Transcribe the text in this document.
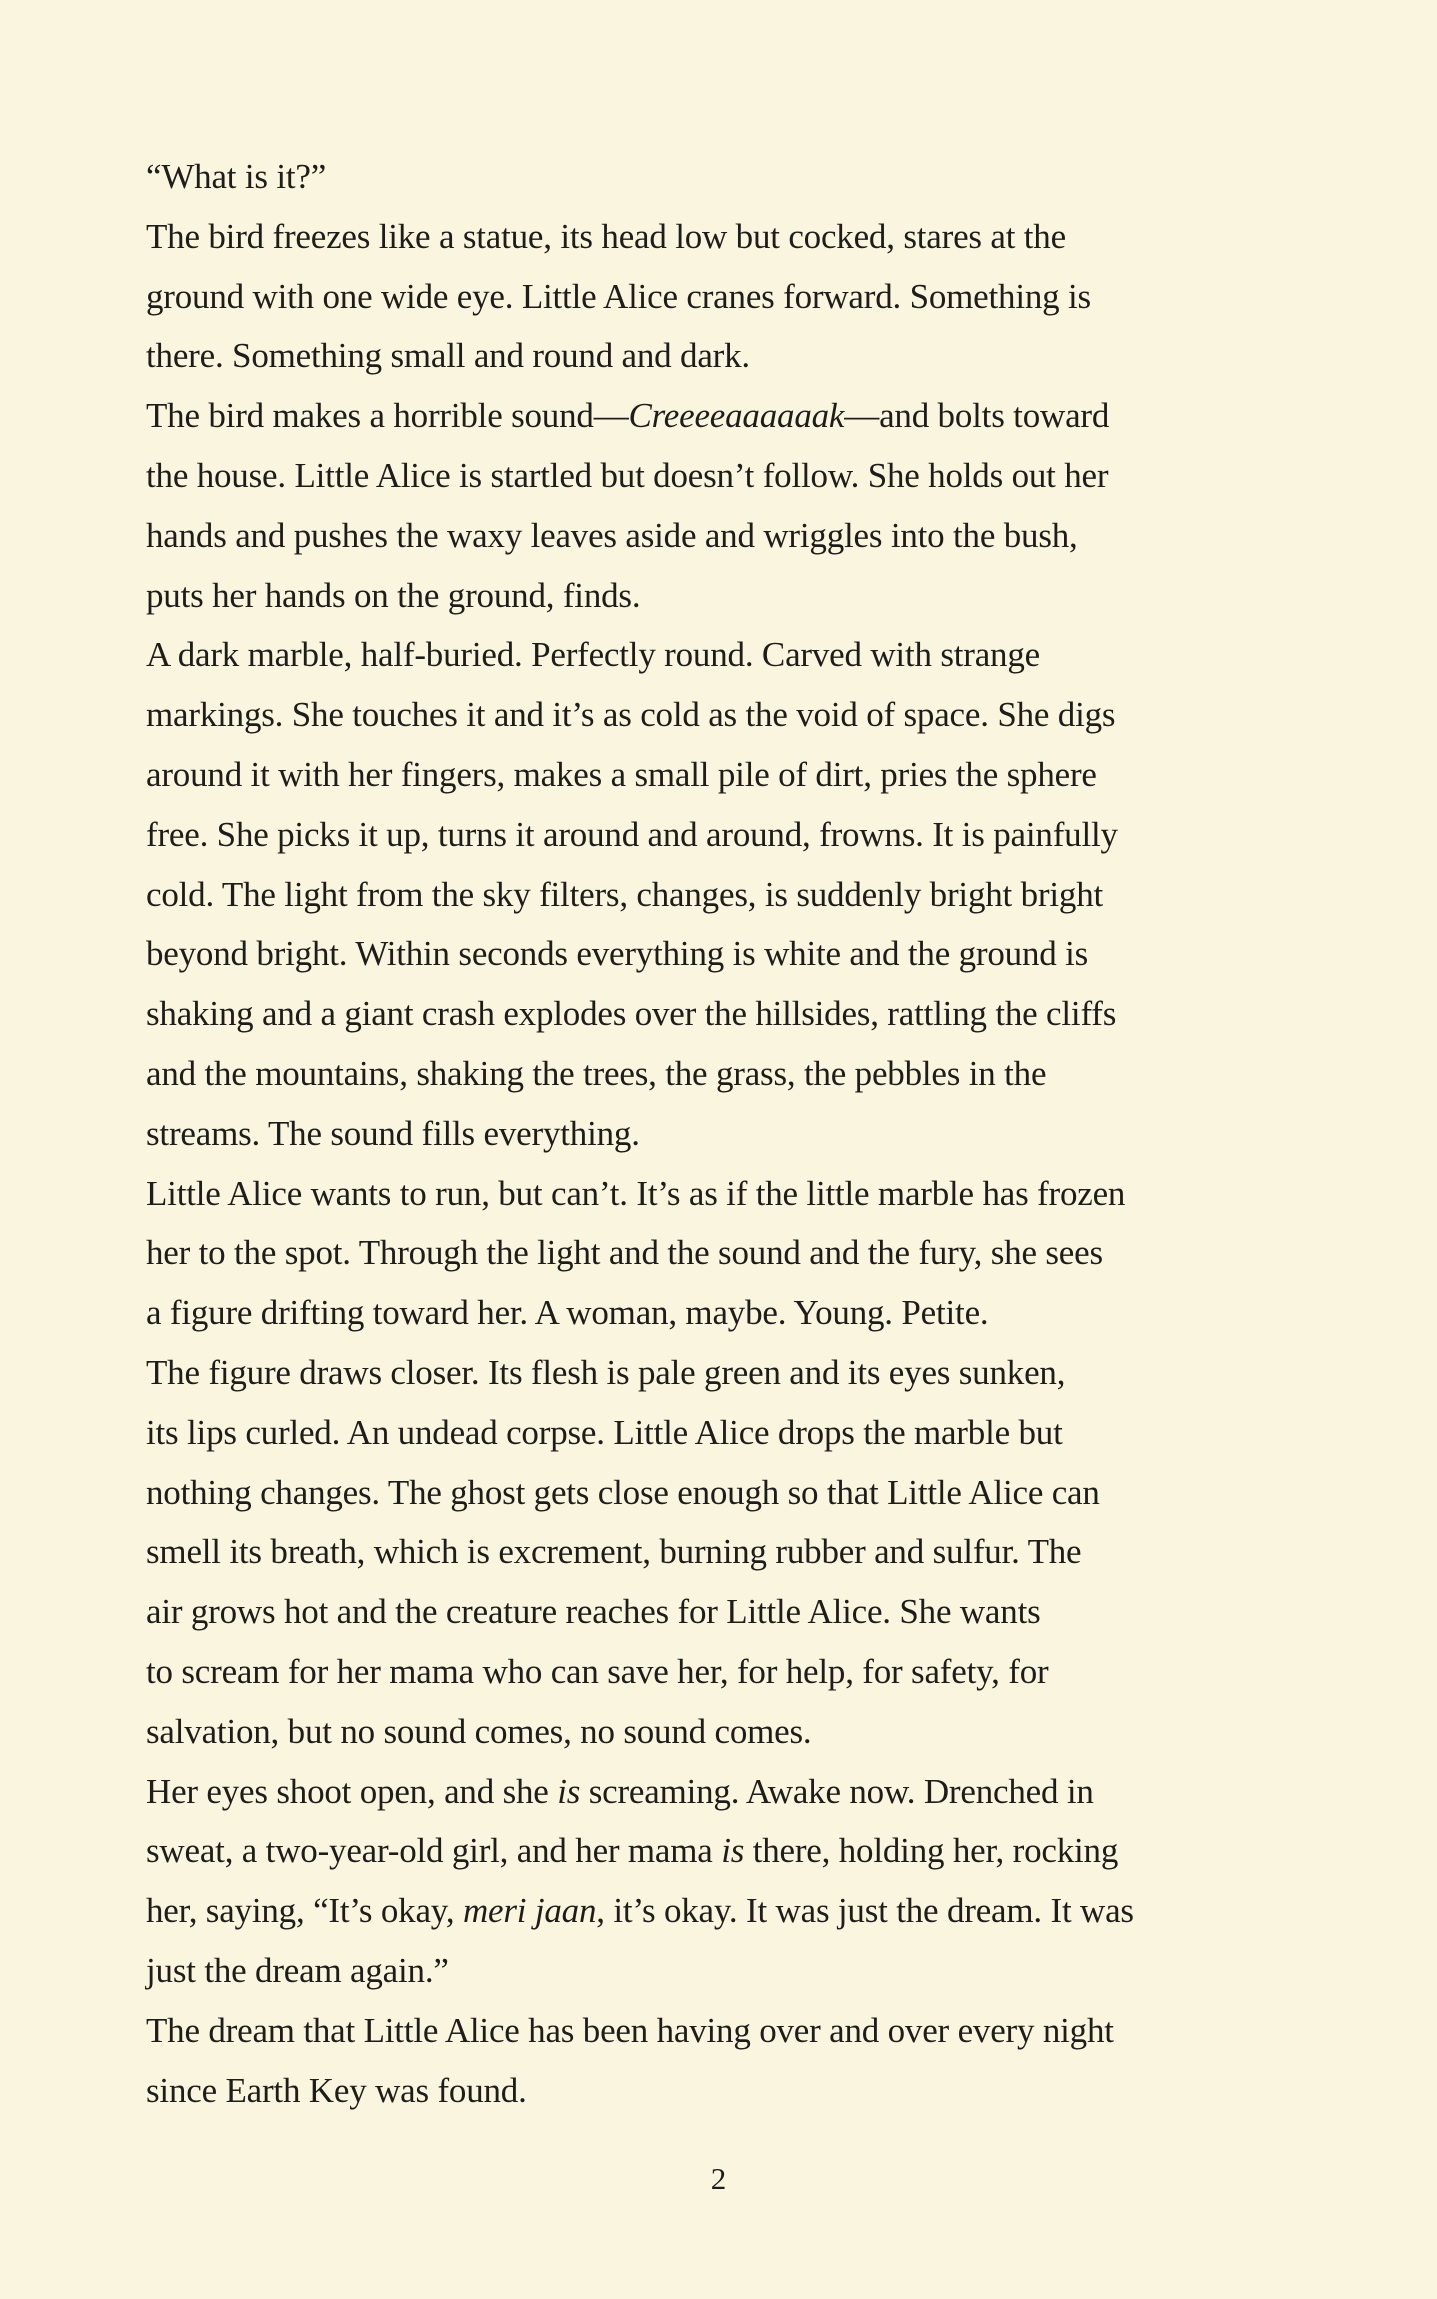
“What is it?”
The bird freezes like a statue, its head low but cocked, stares at the
ground with one wide eye. Little Alice cranes forward. Something is
there. Something small and round and dark.
The bird makes a horrible sound—Creeeeaaaaaak—and bolts toward
the house. Little Alice is startled but doesn’t follow. She holds out her
hands and pushes the waxy leaves aside and wriggles into the bush,
puts her hands on the ground, finds.
A dark marble, half-buried. Perfectly round. Carved with strange
markings. She touches it and it’s as cold as the void of space. She digs
around it with her fingers, makes a small pile of dirt, pries the sphere
free. She picks it up, turns it around and around, frowns. It is painfully
cold. The light from the sky filters, changes, is suddenly bright bright
beyond bright. Within seconds everything is white and the ground is
shaking and a giant crash explodes over the hillsides, rattling the cliffs
and the mountains, shaking the trees, the grass, the pebbles in the
streams. The sound fills everything.
Little Alice wants to run, but can’t. It’s as if the little marble has frozen
her to the spot. Through the light and the sound and the fury, she sees
a figure drifting toward her. A woman, maybe. Young. Petite.
The figure draws closer. Its flesh is pale green and its eyes sunken,
its lips curled. An undead corpse. Little Alice drops the marble but
nothing changes. The ghost gets close enough so that Little Alice can
smell its breath, which is excrement, burning rubber and sulfur. The
air grows hot and the creature reaches for Little Alice. She wants
to scream for her mama who can save her, for help, for safety, for
salvation, but no sound comes, no sound comes.
Her eyes shoot open, and she is screaming. Awake now. Drenched in
sweat, a two-year-old girl, and her mama is there, holding her, rocking
her, saying, “It’s okay, meri jaan, it’s okay. It was just the dream. It was
just the dream again.”
The dream that Little Alice has been having over and over every night
since Earth Key was found.
2
